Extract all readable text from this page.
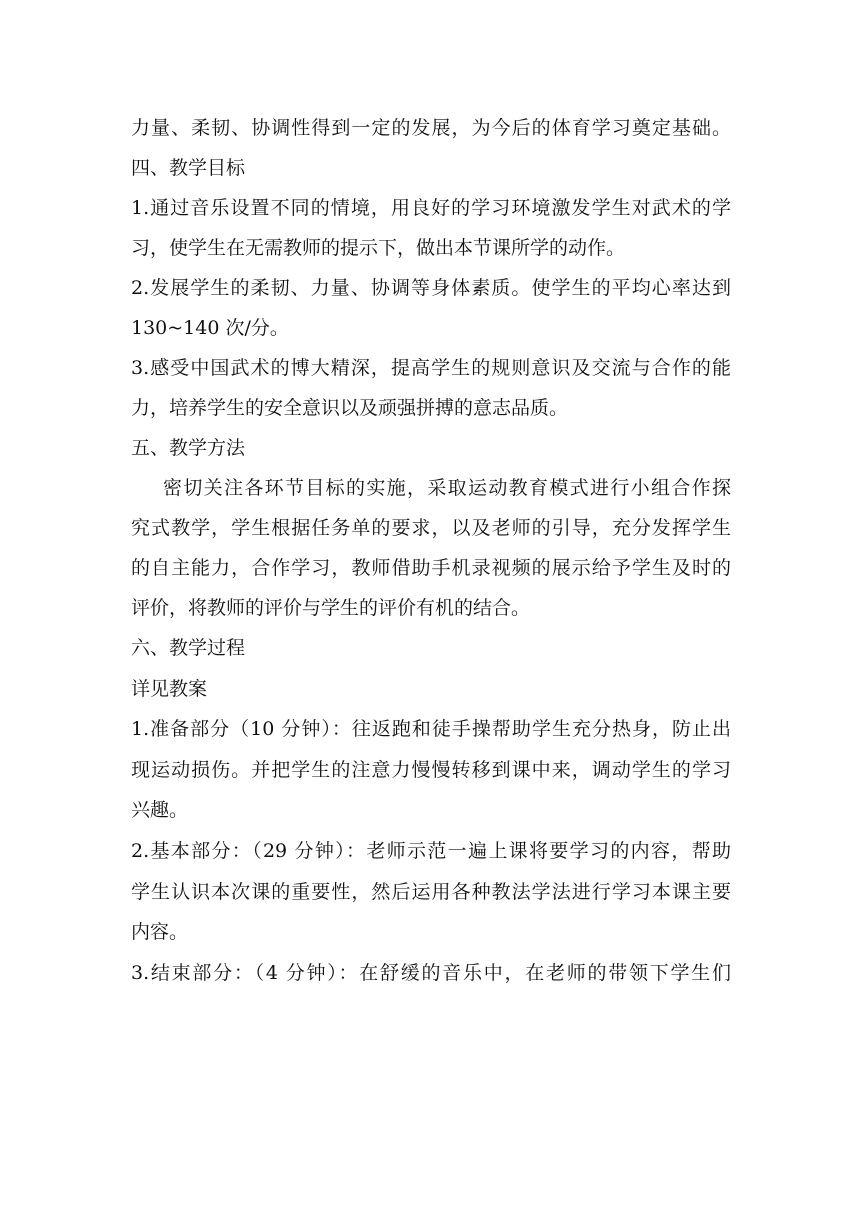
力量、柔韧、协调性得到一定的发展，为今后的体育学习奠定基础。
四、教学目标
1.通过音乐设置不同的情境，用良好的学习环境激发学生对武术的学
习，使学生在无需教师的提示下，做出本节课所学的动作。
2.发展学生的柔韧、力量、协调等身体素质。使学生的平均心率达到
130~140 次/分。
3.感受中国武术的博大精深，提高学生的规则意识及交流与合作的能
力，培养学生的安全意识以及顽强拼搏的意志品质。
五、教学方法
密切关注各环节目标的实施，采取运动教育模式进行小组合作探
究式教学，学生根据任务单的要求，以及老师的引导，充分发挥学生
的自主能力，合作学习，教师借助手机录视频的展示给予学生及时的
评价，将教师的评价与学生的评价有机的结合。
六、教学过程
详见教案
1.准备部分（10 分钟）：往返跑和徒手操帮助学生充分热身，防止出
现运动损伤。并把学生的注意力慢慢转移到课中来，调动学生的学习
兴趣。
2.基本部分：（29 分钟）：老师示范一遍上课将要学习的内容，帮助
学生认识本次课的重要性，然后运用各种教法学法进行学习本课主要
内容。
3.结束部分：（4 分钟）：在舒缓的音乐中，在老师的带领下学生们
